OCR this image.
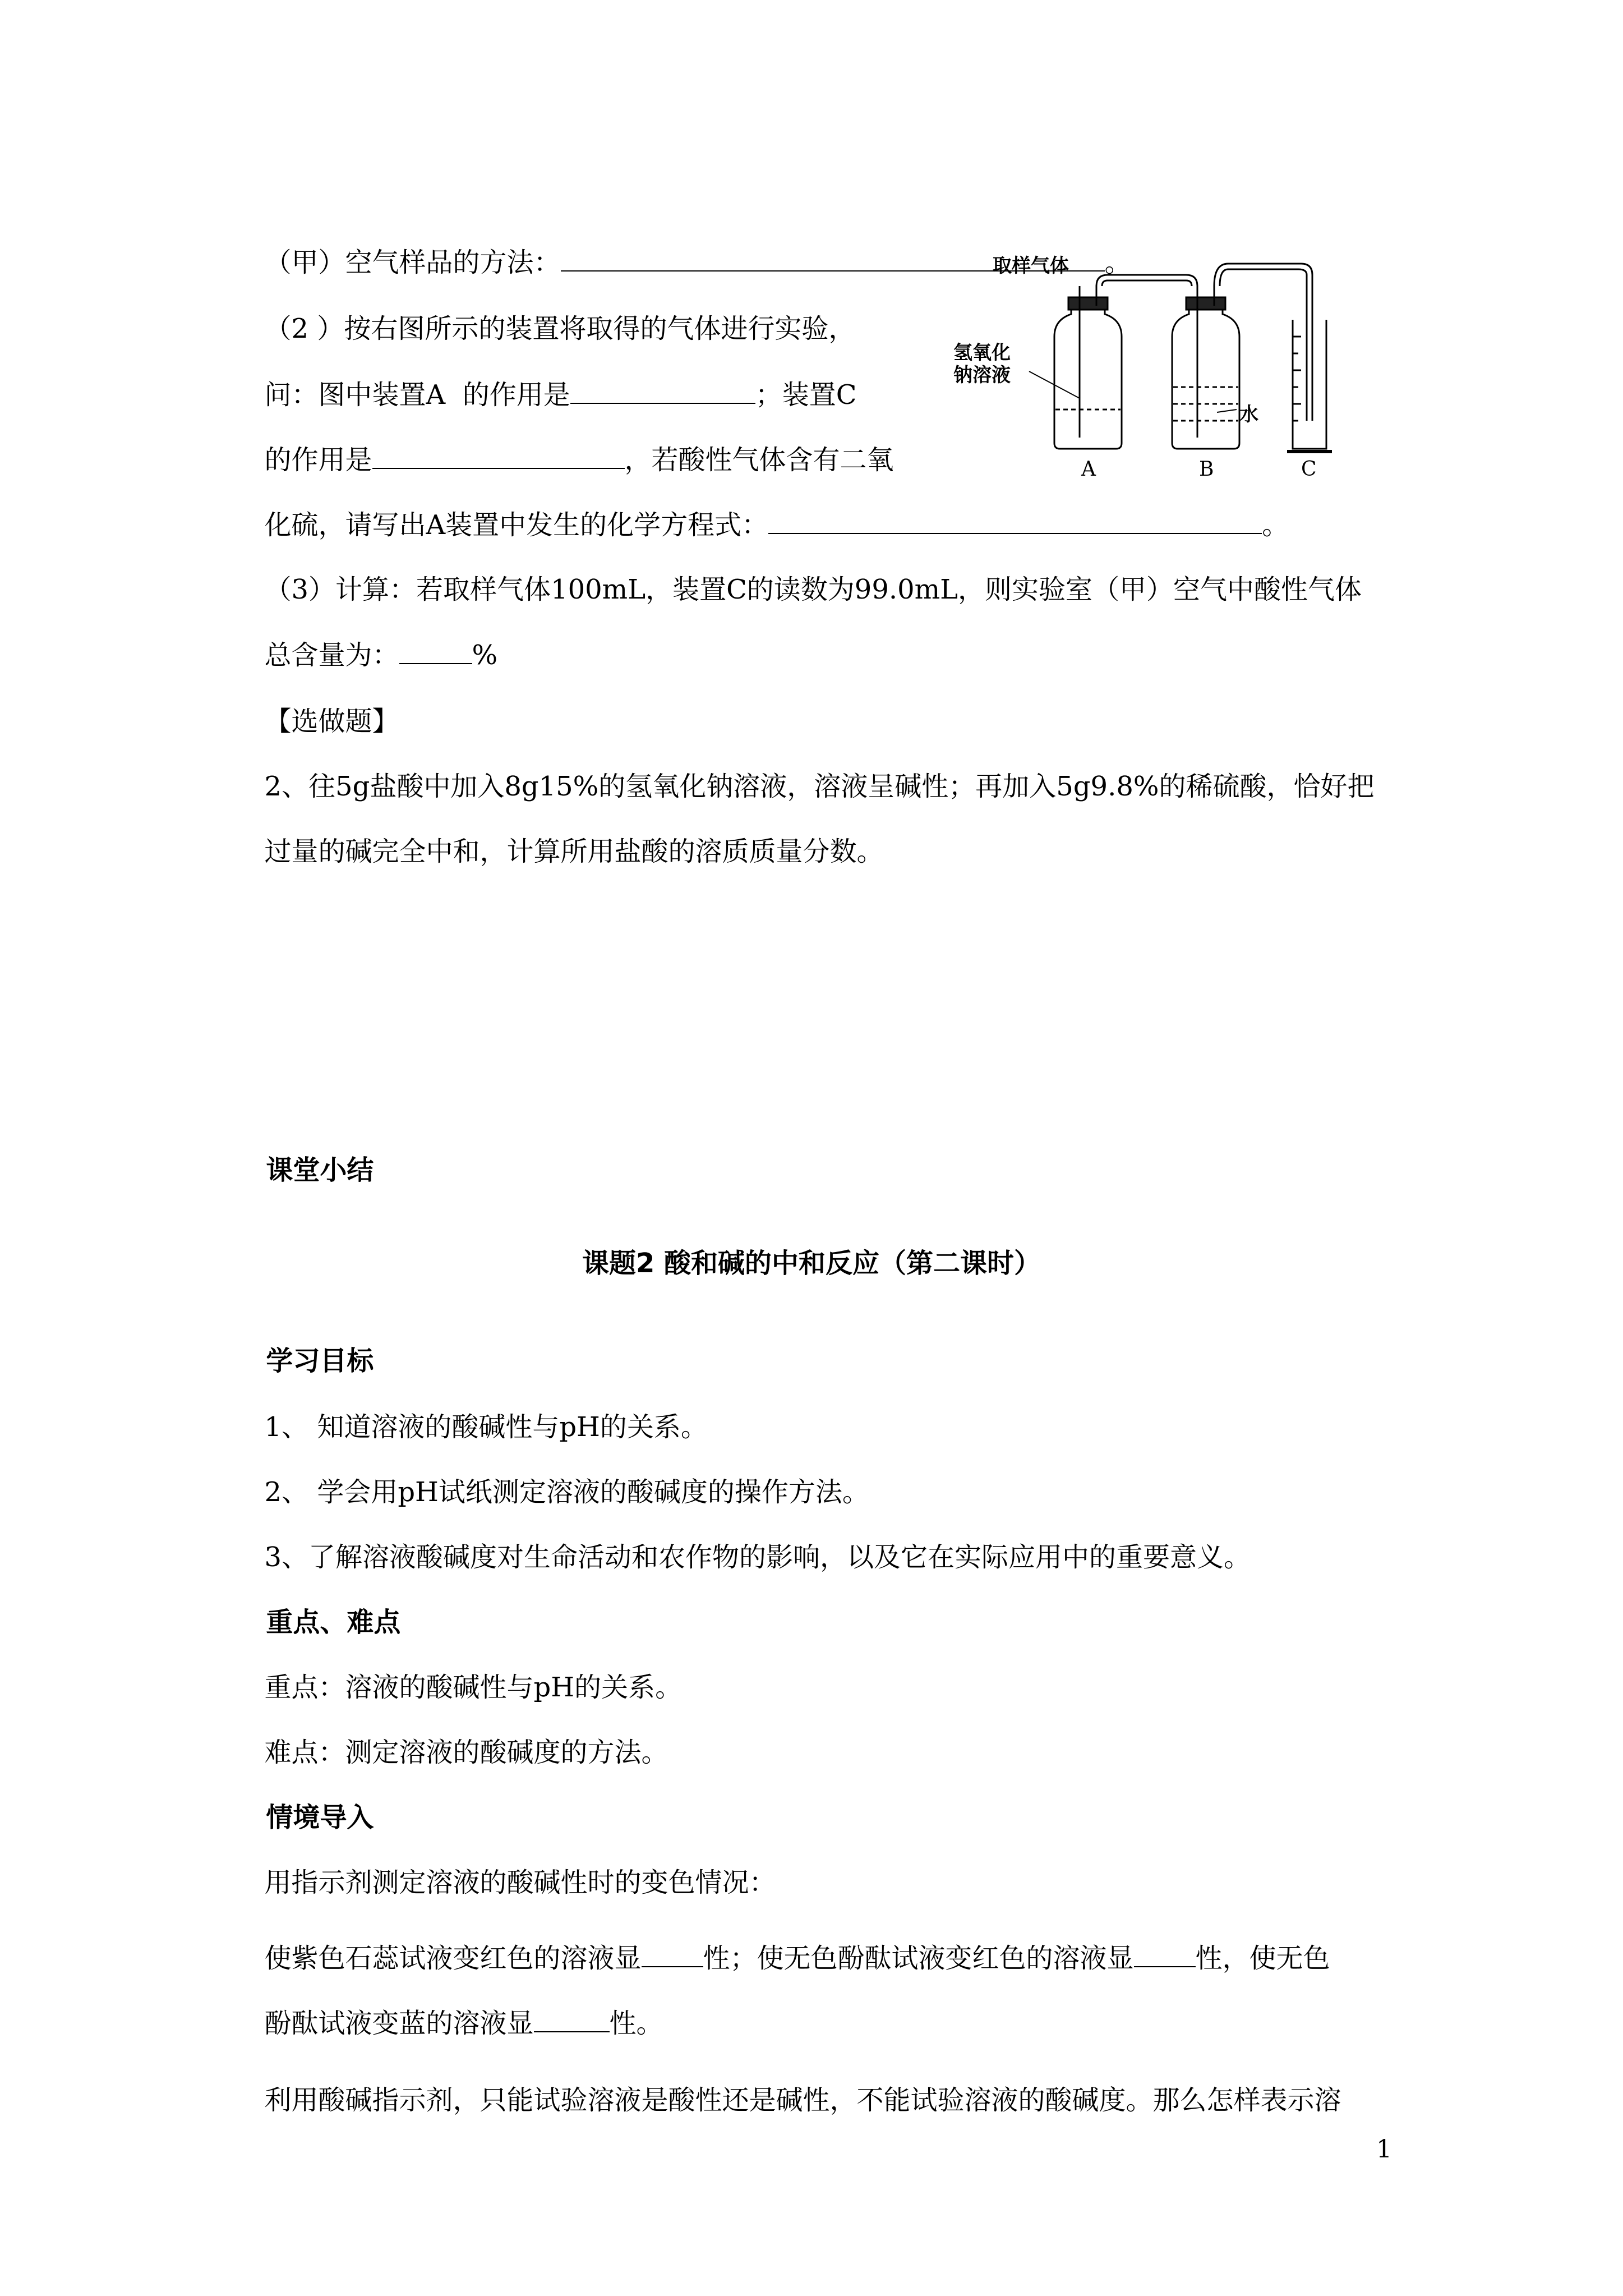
（甲）空气样品的方法：	。

（2 ）按右图所示的装置将取得的气体进行实验，

问：图中装置A  的作用是	；装置C

的作用是	，若酸性气体含有二氧

化硫，请写出A装置中发生的化学方程式：	。

（3）计算：若取样气体100mL，装置C的读数为99.0mL，则实验室（甲）空气中酸性气体

总含量为：	%

【选做题】

2、往5g盐酸中加入8g15%的氢氧化钠溶液，溶液呈碱性；再加入5g9.8%的稀硫酸，恰好把

过量的碱完全中和，计算所用盐酸的溶质质量分数。

课堂小结

课题2 酸和碱的中和反应（第二课时）

学习目标

1、 知道溶液的酸碱性与pH的关系。

2、 学会用pH试纸测定溶液的酸碱度的操作方法。

3、了解溶液酸碱度对生命活动和农作物的影响，以及它在实际应用中的重要意义。

重点、难点

重点：溶液的酸碱性与pH的关系。

难点：测定溶液的酸碱度的方法。

情境导入

用指示剂测定溶液的酸碱性时的变色情况：

使紫色石蕊试液变红色的溶液显 性；使无色酚酞试液变红色的溶液显 性，使无色

酚酞试液变蓝的溶液显	性。

利用酸碱指示剂，只能试验溶液是酸性还是碱性，不能试验溶液的酸碱度。那么怎样表示溶

1
取样气体
氢氧化
钠溶液
水
A	B	C
